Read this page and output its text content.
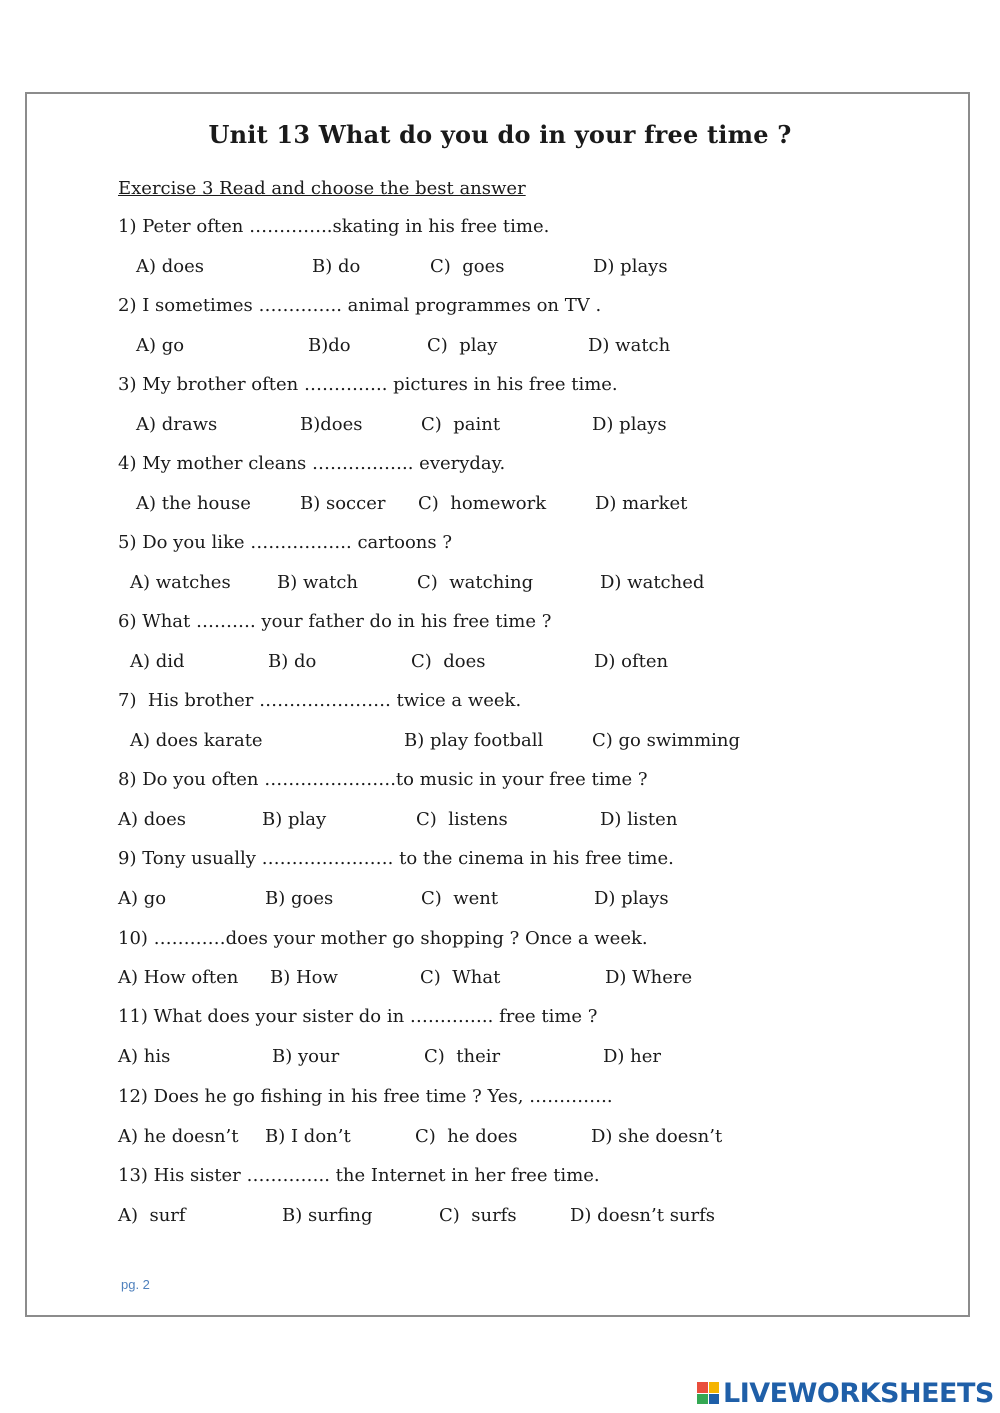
Unit 13 What do you do in your free time ?
Exercise 3 Read and choose the best answer
1) Peter often …………..skating in his free time.
A) does	B) do	C)  goes	D) plays
2) I sometimes ………….. animal programmes on TV .
A) go	B)do	C)  play	D) watch
3) My brother often ………….. pictures in his free time.
A) draws	B)does	C)  paint	D) plays
4) My mother cleans …………….. everyday.
A) the house	B) soccer C)  homework	D) market
5) Do you like …………….. cartoons ?
A) watches	B) watch	C)  watching	D) watched
6) What ………. your father do in his free time ?
A) did	B) do	C)  does	D) often
7)  His brother …………………. twice a week.
A) does karate	B) play football	C) go swimming
8) Do you often ………………….to music in your free time ?
A) does	B) play	C)  listens	D) listen
9) Tony usually …………………. to the cinema in his free time.
A) go	B) goes	C)  went	D) plays
10) …………does your mother go shopping ? Once a week.
A) How often B) How	C)  What	D) Where
11) What does your sister do in ………….. free time ?
A) his	B) your	C)  their	D) her
12) Does he go fishing in his free time ? Yes, …………..
A) he doesn’t B) I don’t	C)  he does	D) she doesn’t
13) His sister ………….. the Internet in her free time.
A)  surf	B) surfing	C)  surfs	D) doesn’t surfs
pg. 2
LIVEWORKSHEETS
